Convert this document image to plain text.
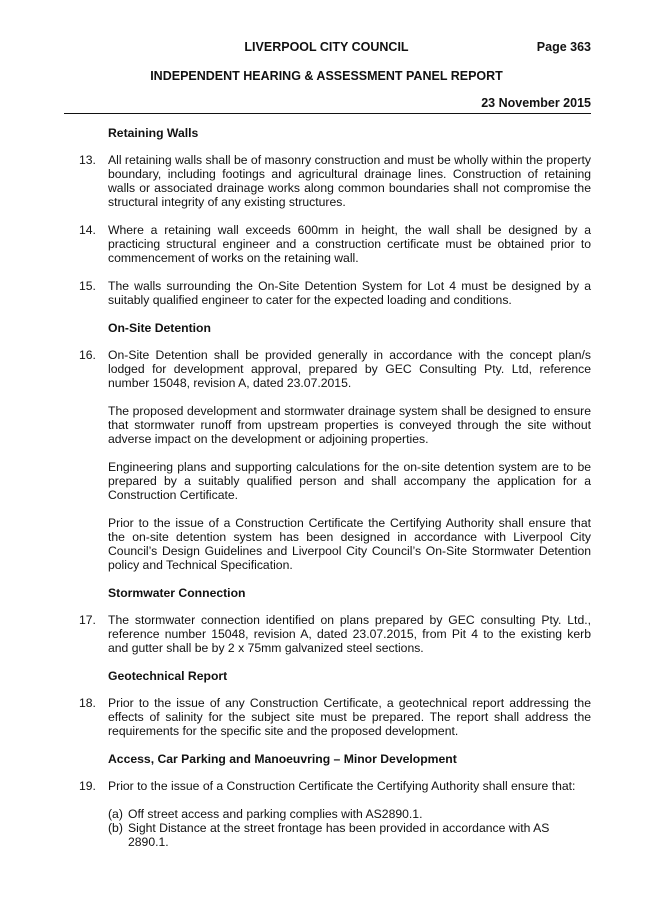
LIVERPOOL CITY COUNCIL	Page 363
INDEPENDENT HEARING & ASSESSMENT PANEL REPORT
23 November 2015
Retaining Walls
13. All retaining walls shall be of masonry construction and must be wholly within the property boundary, including footings and agricultural drainage lines. Construction of retaining walls or associated drainage works along common boundaries shall not compromise the structural integrity of any existing structures.

14. Where a retaining wall exceeds 600mm in height, the wall shall be designed by a practicing structural engineer and a construction certificate must be obtained prior to commencement of works on the retaining wall.

15. The walls surrounding the On-Site Detention System for Lot 4 must be designed by a suitably qualified engineer to cater for the expected loading and conditions.

On-Site Detention
16. On-Site Detention shall be provided generally in accordance with the concept plan/s lodged for development approval, prepared by GEC Consulting Pty. Ltd, reference number 15048, revision A, dated 23.07.2015.

The proposed development and stormwater drainage system shall be designed to ensure that stormwater runoff from upstream properties is conveyed through the site without adverse impact on the development or adjoining properties.

Engineering plans and supporting calculations for the on-site detention system are to be prepared by a suitably qualified person and shall accompany the application for a Construction Certificate.

Prior to the issue of a Construction Certificate the Certifying Authority shall ensure that the on-site detention system has been designed in accordance with Liverpool City Council’s Design Guidelines and Liverpool City Council’s On-Site Stormwater Detention policy and Technical Specification.

Stormwater Connection
17. The stormwater connection identified on plans prepared by GEC consulting Pty. Ltd., reference number 15048, revision A, dated 23.07.2015, from Pit 4 to the existing kerb and gutter shall be by 2 x 75mm galvanized steel sections.

Geotechnical Report
18. Prior to the issue of any Construction Certificate, a geotechnical report addressing the effects of salinity for the subject site must be prepared. The report shall address the requirements for the specific site and the proposed development.

Access, Car Parking and Manoeuvring – Minor Development
19. Prior to the issue of a Construction Certificate the Certifying Authority shall ensure that:

(a) Off street access and parking complies with AS2890.1.
(b) Sight Distance at the street frontage has been provided in accordance with AS 2890.1.
